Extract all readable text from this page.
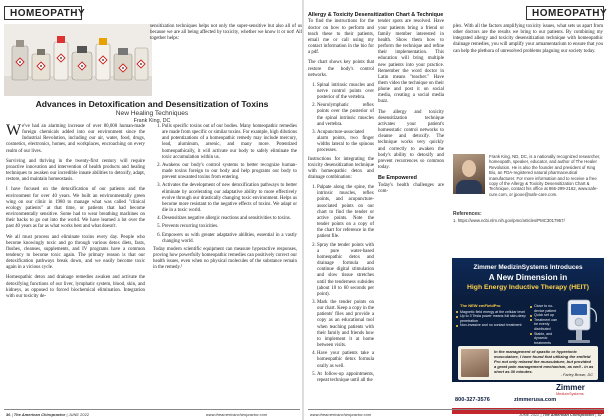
HOMEOPATHY
sensitization techniques helps not only the super-sensitive but also all of us because we are all being affected by toxicity, whether we know it or not! All together helps:
Advances in Detoxification and Desensitization of Toxins
New Healing Techniques
Frank King, DC

We've had an alarming increase of over 80,000 human-made foreign chemicals added into our environment since the Industrial Revolution, including our air, water, food, drugs, cosmetics, electronics, homes, and workplaces, encroaching on every realm of our lives.

Surviving and thriving in the twenty-first century will require proactive innovation and intervention of health products and healing techniques to awaken our incredible innate abilities to detoxify, adapt, restore, and maintain homeostasis.

I have focused on the detoxification of our patients and the environment for over 40 years. We built an environmentally green wing on our clinic in 1980 to manage what was called "clinical ecology patients" at that time, or patients that had become environmentally sensitive. Some had to wear breathing machines on their backs to go out into the world. We have learned a lot over the past 40 years as far as what works best and what doesn't.

We all must process and eliminate toxins every day. People who become knowingly toxic and go through various detox diets, fasts, flushes, cleanses, supplements, and IV programs have a common tendency to become toxic again. The primary reason is that our detoxification pathways break down, and we easily become toxic again in a vicious cycle.

Homeopathic detox and drainage remedies awaken and activate the detoxifying functions of our liver, lymphatic system, blood, skin, and kidneys, as opposed to forced biochemical elimination. Integration with our toxicity de-

1. Pulls specific toxins out of our bodies. Many homeopathic remedies are made from specific or similar toxins. For example, high dilutions and potentizations of a homeopathic remedy may include mercury, lead, aluminum, arsenic, and many more. Potentized homeopathically, it will activate our body to safely eliminate the toxic accumulation within us.
2. Awakens our body's control systems to better recognize human-made toxins foreign to our body and help programs our body to prevent unwanted toxins from entering.
3. Activates the development of new detoxification pathways to better eliminate by accelerating our adaptative ability to more effectively evolve through our drastically changing toxic environment. Helps us become more resistant to the negative effects of toxins. We adapt or die in a toxic world.
4. Desensitizes negative allergic reactions and sensitivities to toxins.
5. Prevents recurring toxicities.
6. Empowers us with greater adaptative abilities, essential in a vastly changing world.

Today modern scientific equipment can measure hyperactive responses, proving how powerfully homeopathic remedies can positively correct our health issues, even when no physical molecules of the substance remain in the remedy.¹

36 | The American Chiropractor | JUNE 2022	www.theamericanchiropractor.com
HOMEOPATHY
Allergy & Toxicity Desensitization Chart & Technique

To find the instructions for the doctor on how to perform and teach these to their patients, email me or call using my contact information in the bio for a pdf.

The chart shows key points that restore the body's control networks.

1. Spinal intrinsic muscles and nerve control points over posterior of the vertebra.
2. Neurolymphatic reflex points over the posterior of the spinal intrinsic muscles and vertebra.
3. Acupuncture-associated alarm points, two finger widths lateral to the spinous processes.

Instructions for integrating the toxicity desensitization technique with homeopathic detox and drainage combination:

1. Palpate along the spine, the intrinsic muscles, reflex points, and acupuncture-associated points on our chart to find the tender or active points. Note the tender points on a copy of the chart for reference in the patient file.
2. Spray the tender points with a pure water-based homeopathic detox and drainage formula and continue digital stimulation and slow tissue stretches until the tenderness subsides (about 10 to 60 seconds per point).
3. Mark the tender points on our chart. Keep a copy in the patients' files and provide a copy as an educational tool when teaching patients with their family and friends how to implement it at home between visits.
4. Have your patients take a homeopathic detox formula orally as well.
5. At follow-up appointments, repeat technique until all the

tender spots are resolved. Have your patients bring a friend or family member interested in health. Show them how to perform the technique and refine their implementation. This education will bring multiple new patients into your practice. Remember the word doctor in Latin means "teacher." Have them video the technique on their phone and post it on social media, creating a social media buzz.

The allergy and toxicity desensitization technique activates your patient's homeostatic control networks to cleanse and detoxify. The technique works very quickly and correctly to awaken the body's ability to detoxify and prevent recurrences so common today.

Be Empowered

Today's health challenges are com-

plex. With all the factors amplifying toxicity issues, what sets us apart from other doctors are the results we bring to our patients. By combining my integrated allergy and toxicity desensitization technique with homeopathic drainage remedies, you will amplify your armamentarium to ensure that you can help the plethora of unresolved problems plaguing our society today.

Frank King, ND, DC, is a nationally recognized researcher, homeopath, speaker, educator, and author of The Healer Revolution. He is also the founder and president of King Bio, an FDA-registered natural pharmaceutical manufacturer. For more information and to receive a free copy of the Allergy & Toxicity Desensitization Chart & Technique, contact his office at 866-299-2162, www.safe-cure.com, or jpooe@safe-care.com.
References:
1. https://www.ncbi.nlm.nih.gov/pmc/articles/PMC3017957/
Zimmer MedizinSystems Introduces
A New Dimension in
High Energy Inductive Therapy (HEIT)
The NEW emFieldPro
Magnetic field energy at the cellular level
Up to 3 Tesla power means full skin-deep penetration
Non-invasive and no contact treatment
Close to no-device patient
Quick set up
Treatment can be evenly distributed
Stable, and dynamic treatments
In the management of spastic or hypertonic musculature, I have found that utilizing the emfield Pro not only relaxed the musculature, but provided a great pain management mechanism, as well - in as short as 30 minutes.
- Farley Brown, DC
Zimmer
MedizinSystems
800-327-3576	zimmerusa.com
www.theamericanchiropractor.com	JUNE 2022 | The American Chiropractor | 37
